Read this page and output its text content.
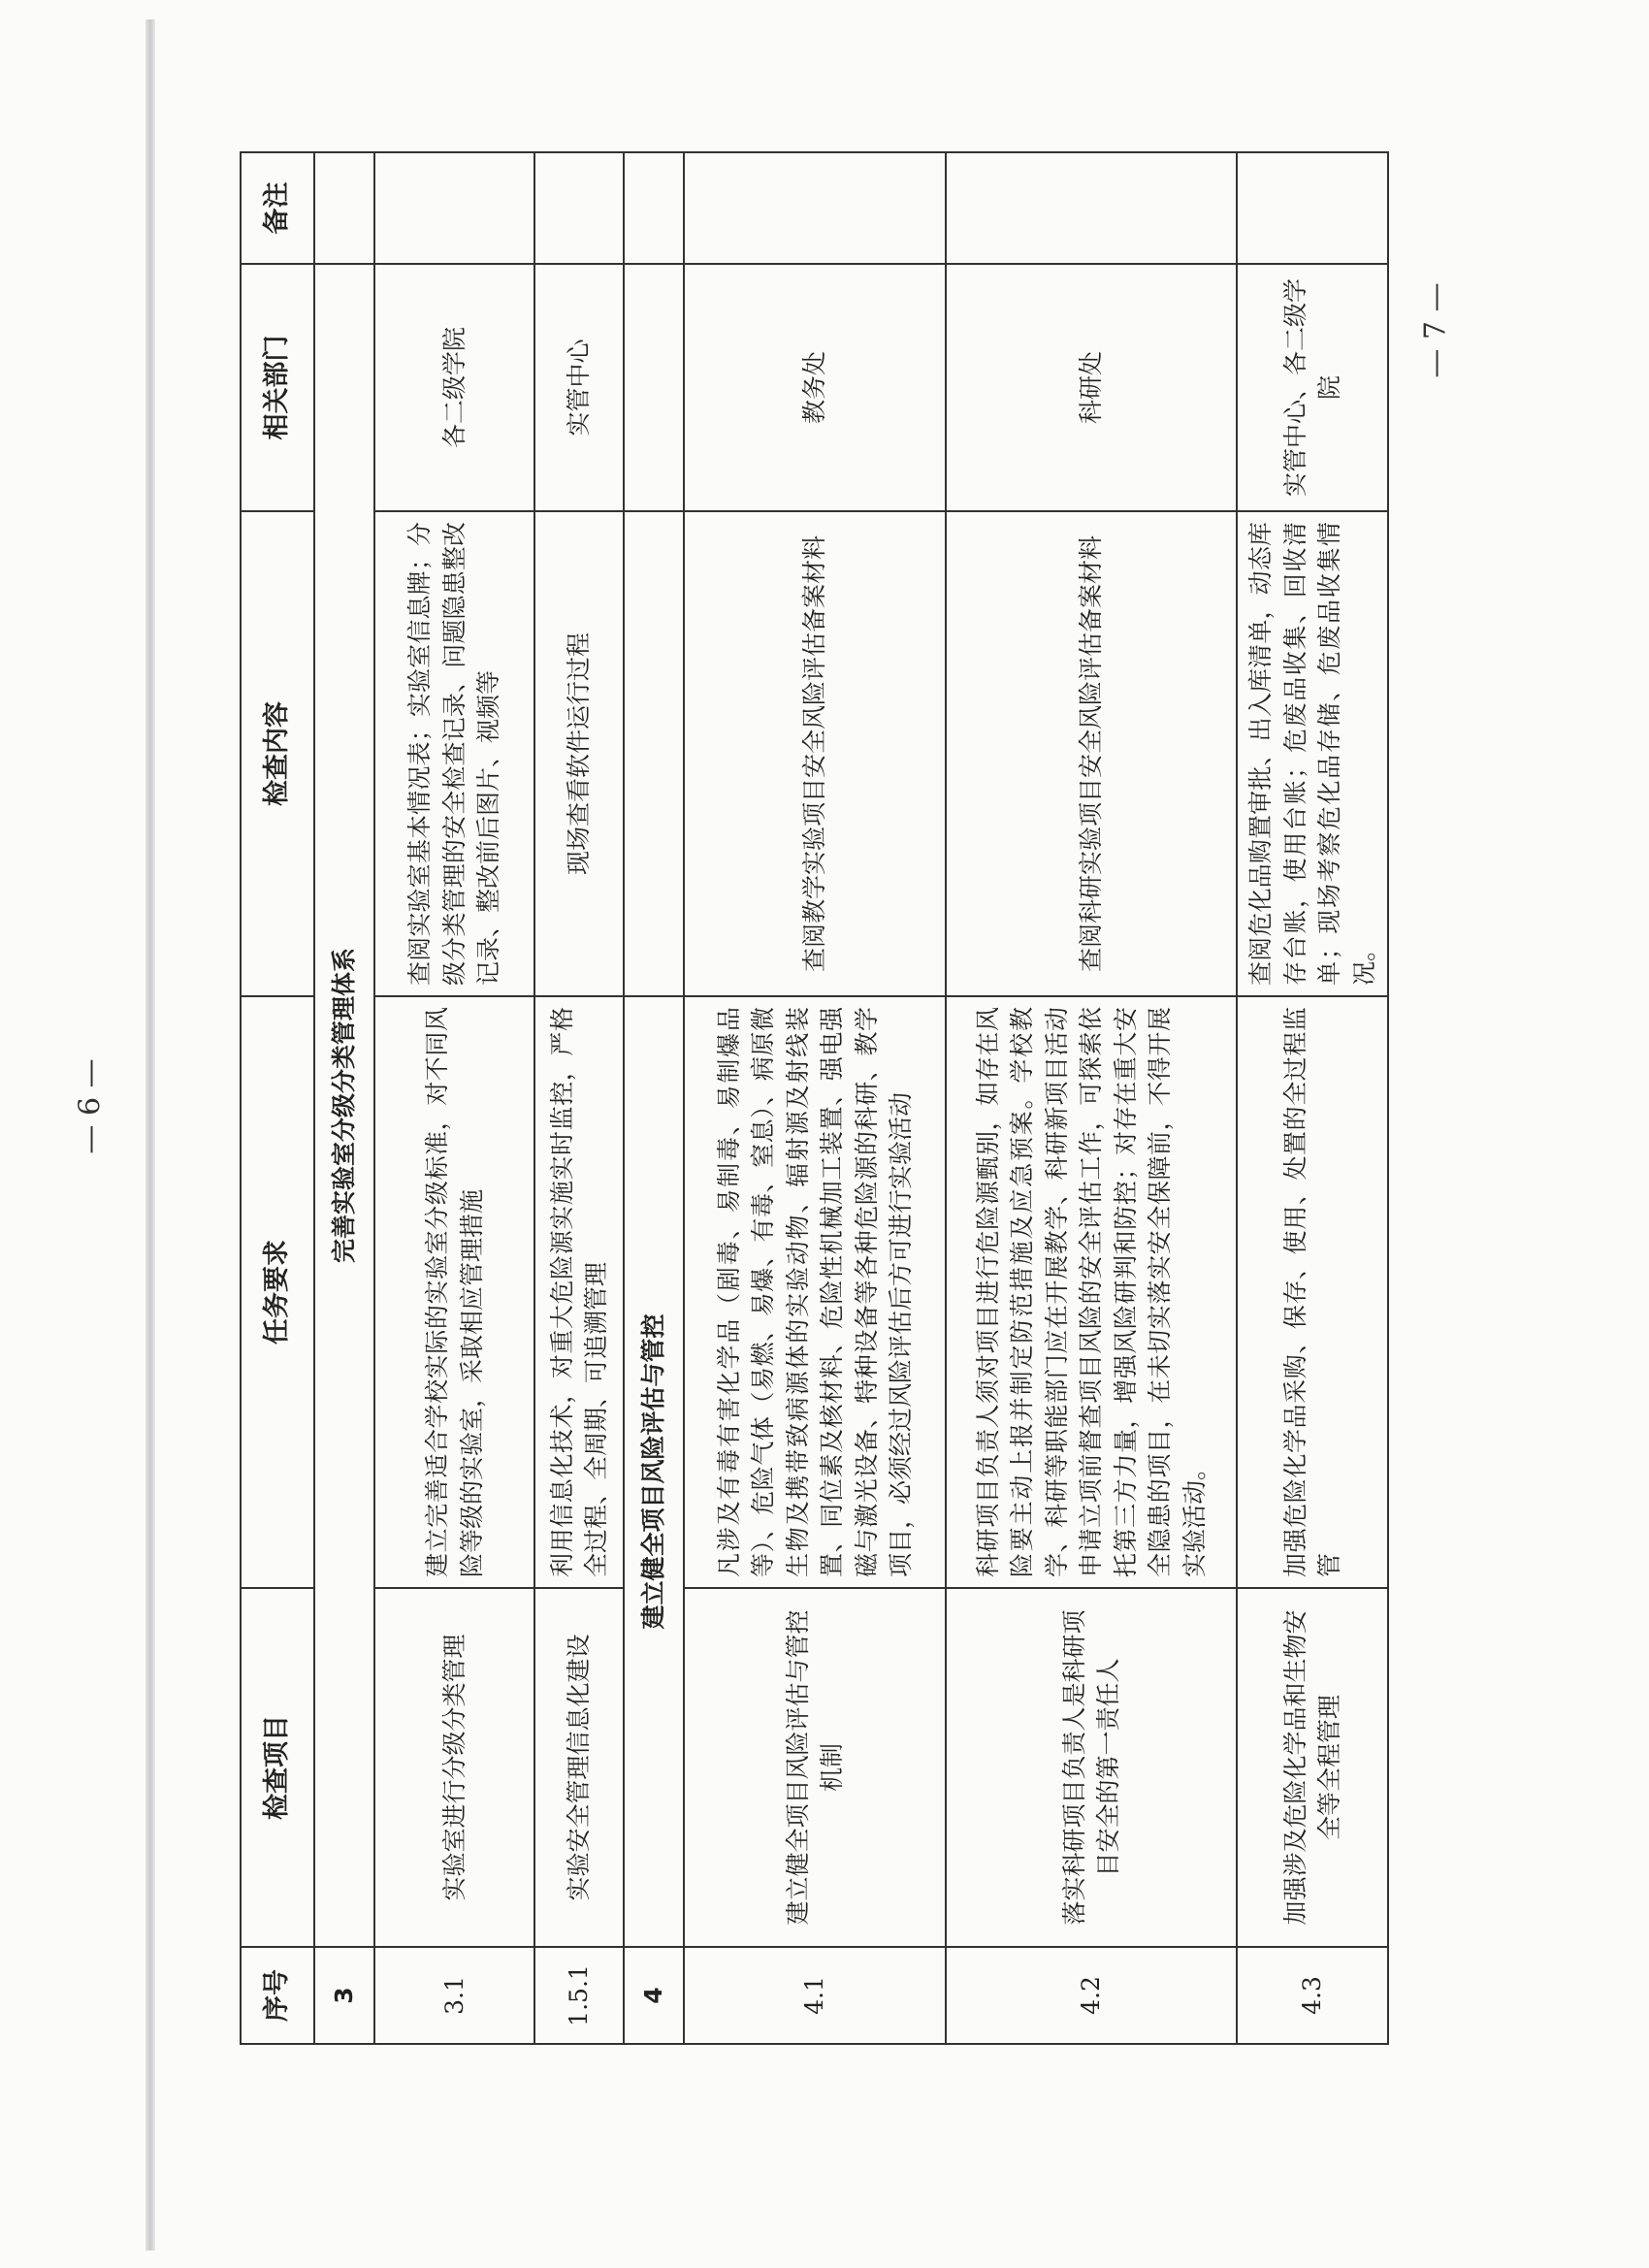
— 6 —
— 7 —
序号	检查项目	任务要求	检查内容	相关部门	备注
3	完善实验室分级分类管理体系				
3.1	实验室进行分级分类管理	建立完善适合学校实际的实验室分级标准，对不同风险等级的实验室，采取相应管理措施	查阅实验室基本情况表；实验室信息牌；分级分类管理的安全检查记录、问题隐患整改记录、整改前后图片、视频等	各二级学院	
1.5.1	实验安全管理信息化建设	利用信息化技术，对重大危险源实施实时监控，严格全过程、全周期、可追溯管理	现场查看软件运行过程	实管中心	
4	建立健全项目风险评估与管控				
4.1	建立健全项目风险评估与管控机制	凡涉及有毒有害化学品（剧毒、易制毒、易制爆品等）、危险气体（易燃、易爆、有毒、窒息）、病原微生物及携带致病源体的实验动物、辐射源及射线装置、同位素及核材料、危险性机械加工装置、强电强磁与激光设备、特种设备等各种危险源的科研、教学项目，必须经过风险评估后方可进行实验活动	查阅教学实验项目安全风险评估备案材料	教务处	
4.2	落实科研项目负责人是科研项目安全的第一责任人	科研项目负责人须对项目进行危险源甄别，如存在风险要主动上报并制定防范措施及应急预案。学校教学、科研等职能部门应在开展教学、科研新项目活动申请立项前督查项目风险的安全评估工作，可探索依托第三方力量，增强风险研判和防控；对存在重大安全隐患的项目，在未切实落实安全保障前，不得开展实验活动。	查阅科研实验项目安全风险评估备案材料	科研处	
4.3	加强涉及危险化学品和生物安全等全程管理	加强危险化学品采购、保存、使用、处置的全过程监管	查阅危化品购置审批、出入库清单，动态库存台账，使用台账；危废品收集、回收清单；现场考察危化品存储、危废品收集情况。	实管中心、各二级学院	
